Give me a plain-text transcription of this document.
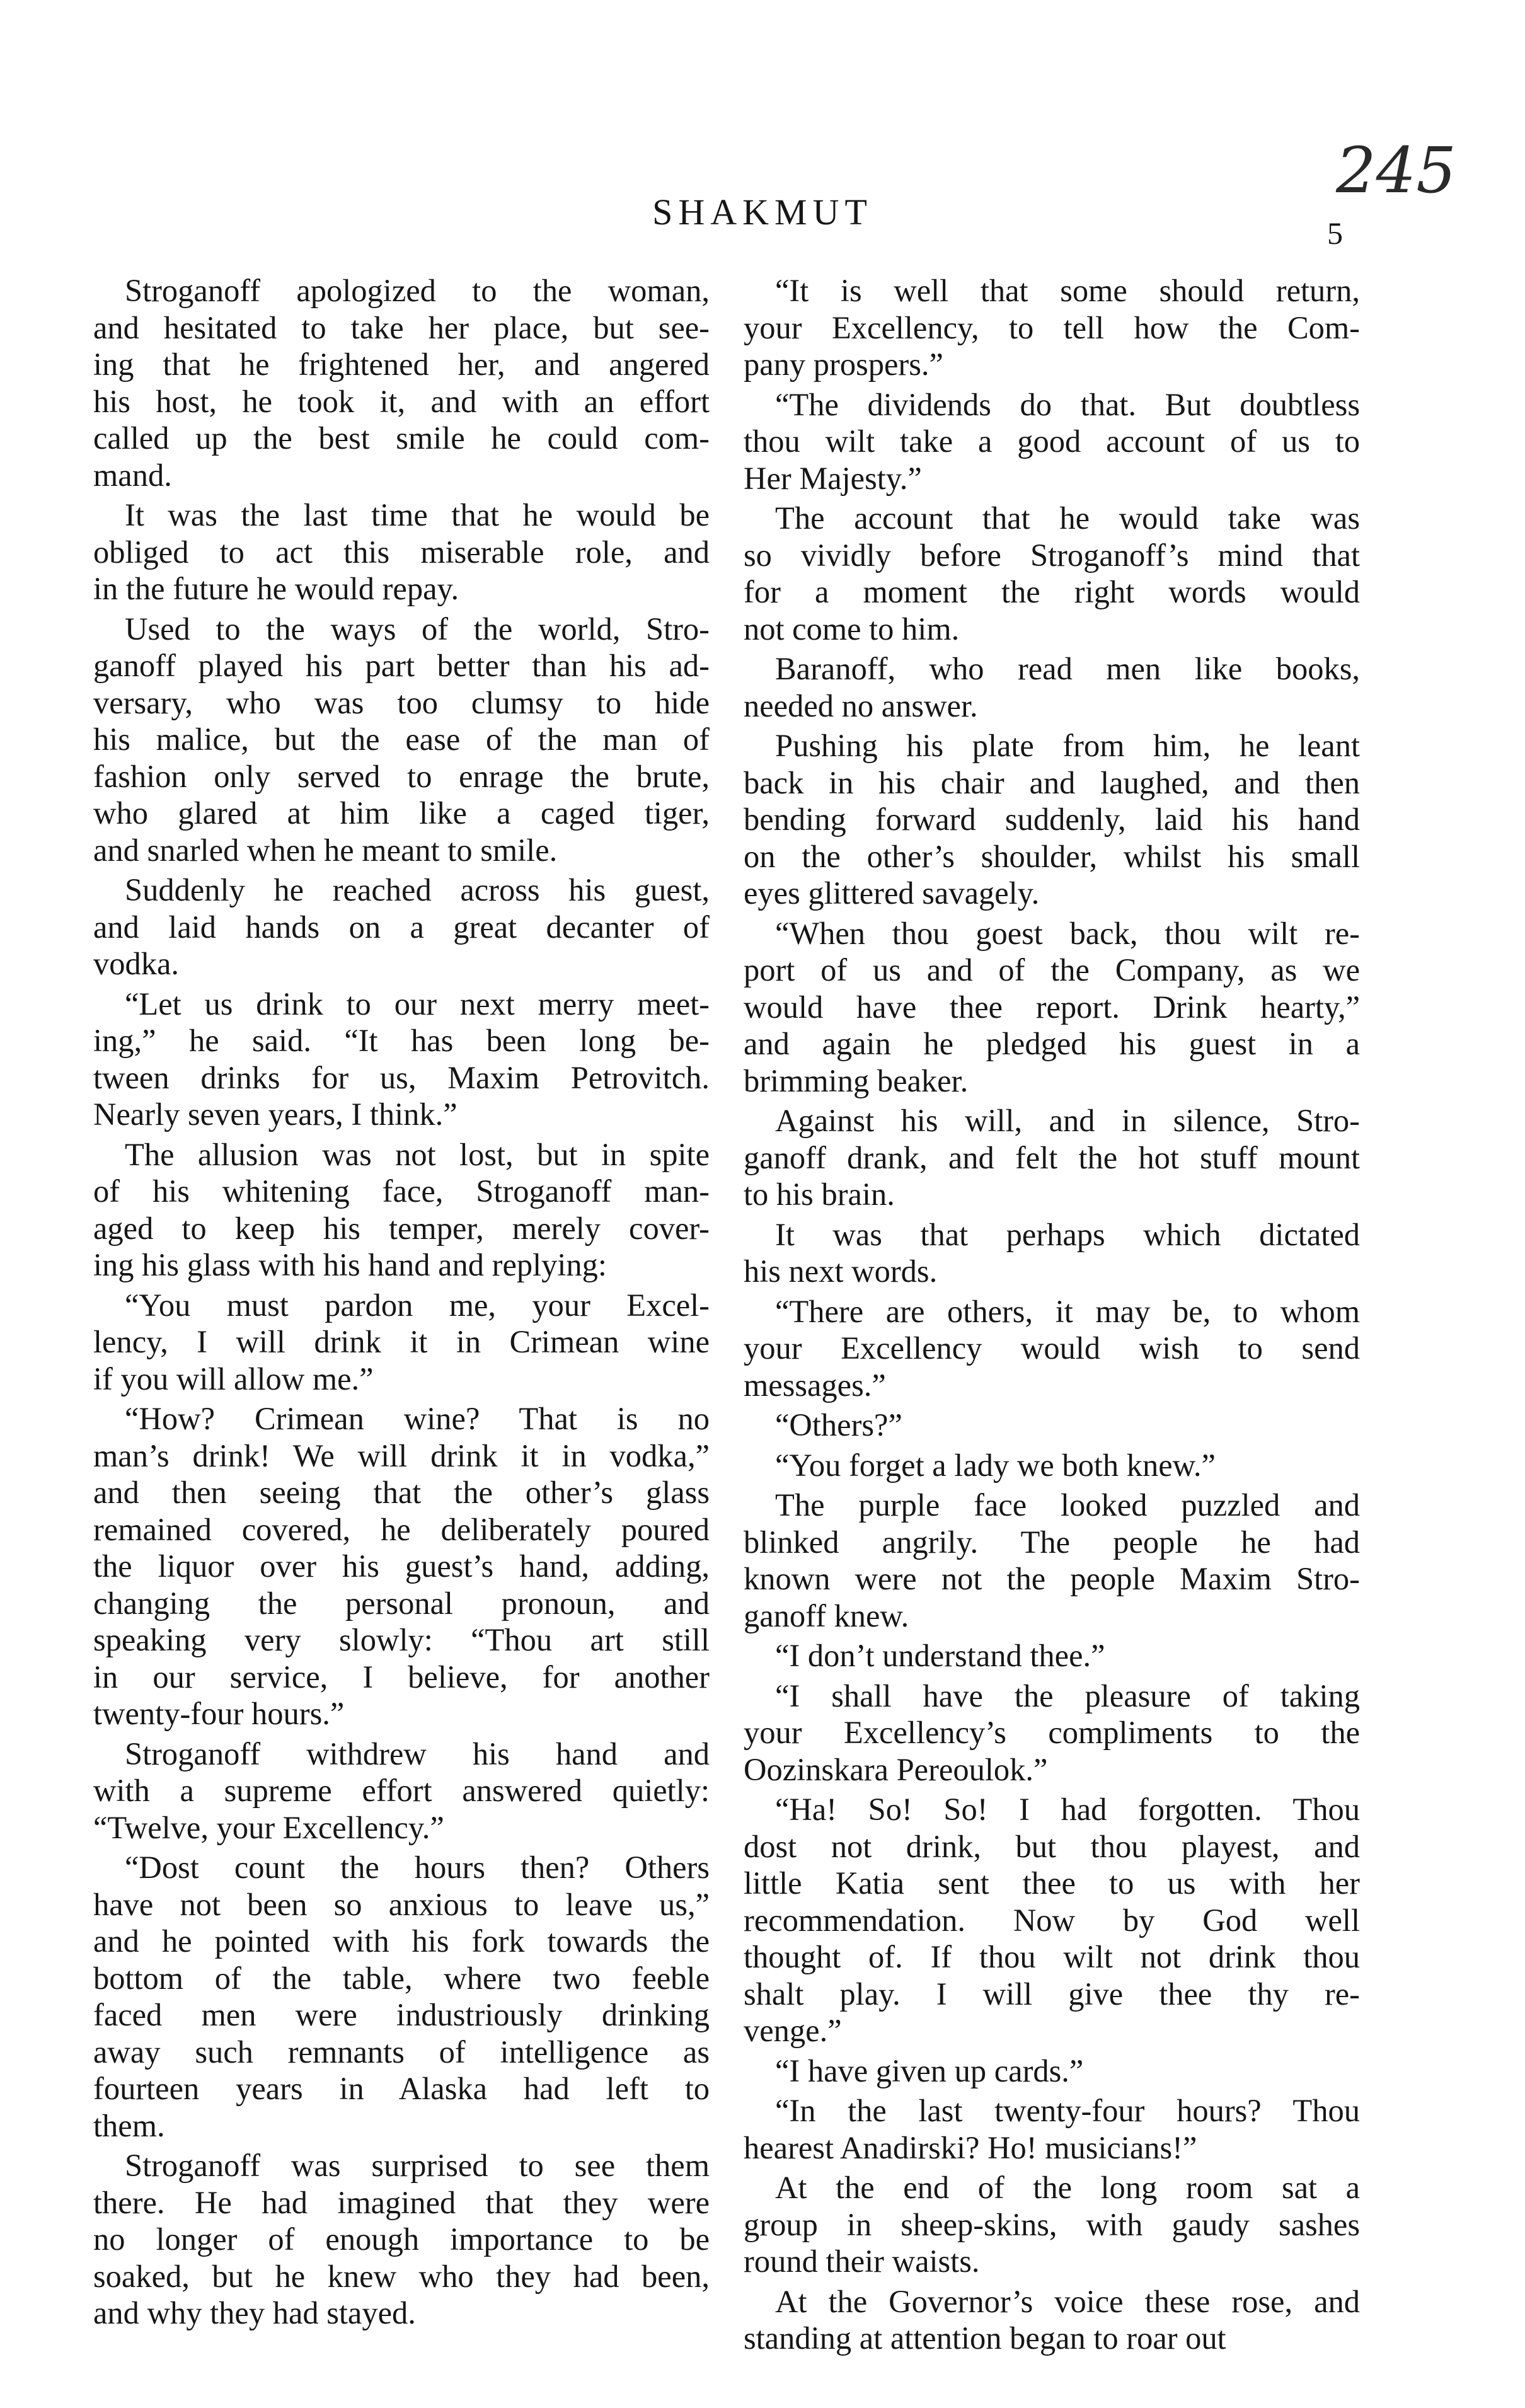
245
SHAKMUT
5
Stroganoff apologized to the woman,
and hesitated to take her place, but see-
ing that he frightened her, and angered
his host, he took it, and with an effort
called up the best smile he could com-
mand.
It was the last time that he would be
obliged to act this miserable role, and
in the future he would repay.
Used to the ways of the world, Stro-
ganoff played his part better than his ad-
versary, who was too clumsy to hide
his malice, but the ease of the man of
fashion only served to enrage the brute,
who glared at him like a caged tiger,
and snarled when he meant to smile.
Suddenly he reached across his guest,
and laid hands on a great decanter of
vodka.
“Let us drink to our next merry meet-
ing,” he said. “It has been long be-
tween drinks for us, Maxim Petrovitch.
Nearly seven years, I think.”
The allusion was not lost, but in spite
of his whitening face, Stroganoff man-
aged to keep his temper, merely cover-
ing his glass with his hand and replying:
“You must pardon me, your Excel-
lency, I will drink it in Crimean wine
if you will allow me.”
“How? Crimean wine? That is no
man’s drink! We will drink it in vodka,”
and then seeing that the other’s glass
remained covered, he deliberately poured
the liquor over his guest’s hand, adding,
changing the personal pronoun, and
speaking very slowly: “Thou art still
in our service, I believe, for another
twenty-four hours.”
Stroganoff withdrew his hand and
with a supreme effort answered quietly:
“Twelve, your Excellency.”
“Dost count the hours then? Others
have not been so anxious to leave us,”
and he pointed with his fork towards the
bottom of the table, where two feeble
faced men were industriously drinking
away such remnants of intelligence as
fourteen years in Alaska had left to
them.
Stroganoff was surprised to see them
there. He had imagined that they were
no longer of enough importance to be
soaked, but he knew who they had been,
and why they had stayed.
“It is well that some should return,
your Excellency, to tell how the Com-
pany prospers.”
“The dividends do that. But doubtless
thou wilt take a good account of us to
Her Majesty.”
The account that he would take was
so vividly before Stroganoff’s mind that
for a moment the right words would
not come to him.
Baranoff, who read men like books,
needed no answer.
Pushing his plate from him, he leant
back in his chair and laughed, and then
bending forward suddenly, laid his hand
on the other’s shoulder, whilst his small
eyes glittered savagely.
“When thou goest back, thou wilt re-
port of us and of the Company, as we
would have thee report. Drink hearty,”
and again he pledged his guest in a
brimming beaker.
Against his will, and in silence, Stro-
ganoff drank, and felt the hot stuff mount
to his brain.
It was that perhaps which dictated
his next words.
“There are others, it may be, to whom
your Excellency would wish to send
messages.”
“Others?”
“You forget a lady we both knew.”
The purple face looked puzzled and
blinked angrily. The people he had
known were not the people Maxim Stro-
ganoff knew.
“I don’t understand thee.”
“I shall have the pleasure of taking
your Excellency’s compliments to the
Oozinskara Pereoulok.”
“Ha! So! So! I had forgotten. Thou
dost not drink, but thou playest, and
little Katia sent thee to us with her
recommendation. Now by God well
thought of. If thou wilt not drink thou
shalt play. I will give thee thy re-
venge.”
“I have given up cards.”
“In the last twenty-four hours? Thou
hearest Anadirski? Ho! musicians!”
At the end of the long room sat a
group in sheep-skins, with gaudy sashes
round their waists.
At the Governor’s voice these rose, and
standing at attention began to roar out
